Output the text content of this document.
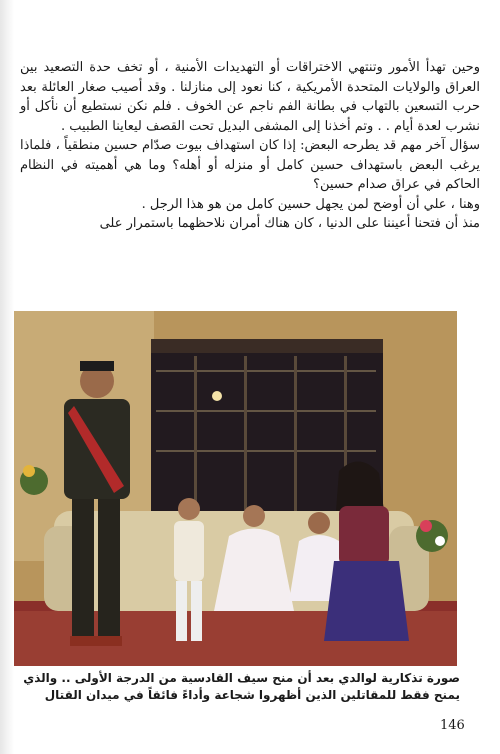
وحين تهدأ الأمور وتنتهي الاختراقات أو التهديدات الأمنية ، أو تخف حدة التصعيد بين العراق والولايات المتحدة الأمريكية ، كنا نعود إلى منازلنا . وقد أصيب صغار العائلة بعد حرب التسعين بالتهاب في بطانة الفم ناجم عن الخوف . فلم نكن نستطيع أن نأكل أو نشرب لعدة أيام . . وتم أخذنا إلى المشفى البديل تحت القصف ليعاينا الطبيب .

سؤال آخر مهم قد يطرحه البعض: إذا كان استهداف بيوت صدّام حسين منطقياً ، فلماذا يرغب البعض باستهداف حسين كامل أو منزله أو أهله؟ وما هي أهميته في النظام الحاكم في عراق صدام حسين؟

وهنا ، علي أن أوضح لمن يجهل حسين كامل من هو هذا الرجل .

منذ أن فتحنا أعيننا على الدنيا ، كان هناك أمران نلاحظهما باستمرار على

صورة تذكارية لوالدي بعد أن منح سيف القادسية من الدرجة الأولى .. والذي يمنح فقط للمقاتلين الذين أظهروا شجاعة وأداءً فائقاً في ميدان القتال
146
